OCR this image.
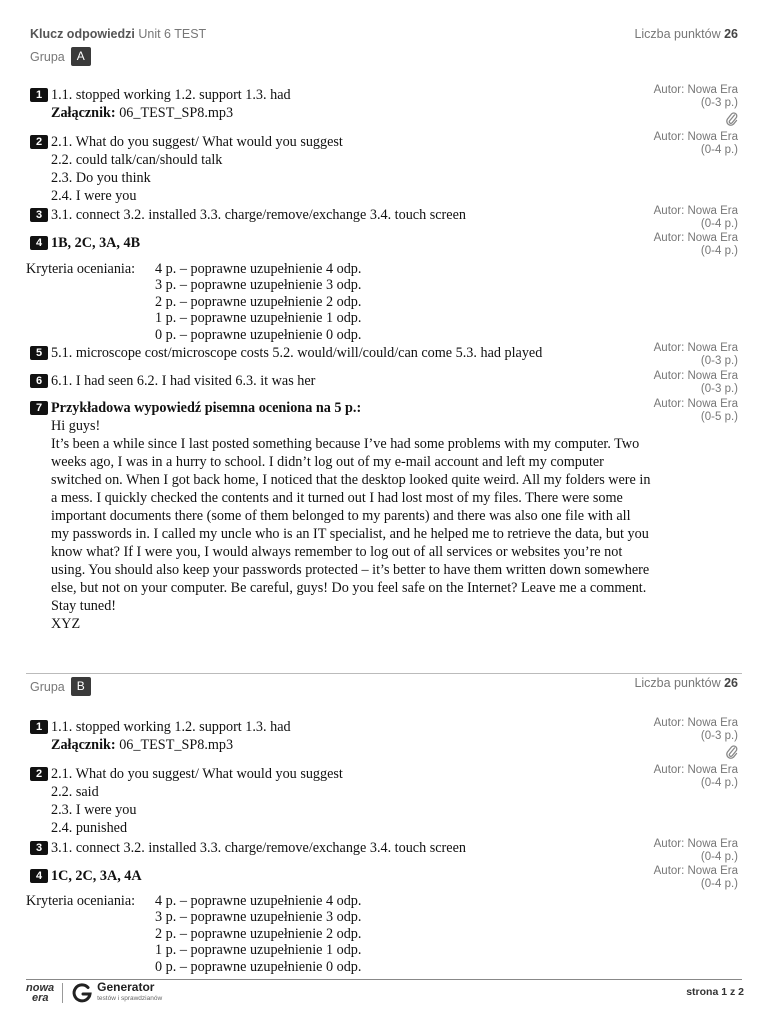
Klucz odpowiedzi Unit 6 TEST	Liczba punktów 26
Grupa A
1 1.1. stopped working 1.2. support 1.3. had
Załącznik: 06_TEST_SP8.mp3
Autor: Nowa Era
(0-3 p.)
2 2.1. What do you suggest/ What would you suggest
2.2. could talk/can/should talk
2.3. Do you think
2.4. I were you
Autor: Nowa Era
(0-4 p.)
3 3.1. connect 3.2. installed 3.3. charge/remove/exchange 3.4. touch screen	Autor: Nowa Era
(0-4 p.)
4 1B, 2C, 3A, 4B	Autor: Nowa Era
(0-4 p.)
Kryteria oceniania: 4 p. – poprawne uzupełnienie 4 odp.
3 p. – poprawne uzupełnienie 3 odp.
2 p. – poprawne uzupełnienie 2 odp.
1 p. – poprawne uzupełnienie 1 odp.
0 p. – poprawne uzupełnienie 0 odp.
5 5.1. microscope cost/microscope costs 5.2. would/will/could/can come 5.3. had played	Autor: Nowa Era
(0-3 p.)
6 6.1. I had seen 6.2. I had visited 6.3. it was her	Autor: Nowa Era
(0-3 p.)
7 Przykładowa wypowiedź pisemna oceniona na 5 p.:	Autor: Nowa Era
(0-5 p.)

Hi guys!

It’s been a while since I last posted something because I’ve had some problems with my computer. Two weeks ago, I was in a hurry to school. I didn’t log out of my e-mail account and left my computer switched on. When I got back home, I noticed that the desktop looked quite weird. All my folders were in a mess. I quickly checked the contents and it turned out I had lost most of my files. There were some important documents there (some of them belonged to my parents) and there was also one file with all my passwords in. I called my uncle who is an IT specialist, and he helped me to retrieve the data, but you know what? If I were you, I would always remember to log out of all services or websites you’re not using. You should also keep your passwords protected – it’s better to have them written down somewhere else, but not on your computer. Be careful, guys! Do you feel safe on the Internet? Leave me a comment.

Stay tuned!

XYZ

Grupa B	Liczba punktów 26
1 1.1. stopped working 1.2. support 1.3. had
Załącznik: 06_TEST_SP8.mp3
Autor: Nowa Era
(0-3 p.)
2 2.1. What do you suggest/ What would you suggest
2.2. said
2.3. I were you
2.4. punished
Autor: Nowa Era
(0-4 p.)
3 3.1. connect 3.2. installed 3.3. charge/remove/exchange 3.4. touch screen	Autor: Nowa Era
(0-4 p.)
4 1C, 2C, 3A, 4A	Autor: Nowa Era
(0-4 p.)
Kryteria oceniania: 4 p. – poprawne uzupełnienie 4 odp.
3 p. – poprawne uzupełnienie 3 odp.
2 p. – poprawne uzupełnienie 2 odp.
1 p. – poprawne uzupełnienie 1 odp.
0 p. – poprawne uzupełnienie 0 odp.
nowa
era
Generator
testów i sprawdzianów
strona 1 z 2
